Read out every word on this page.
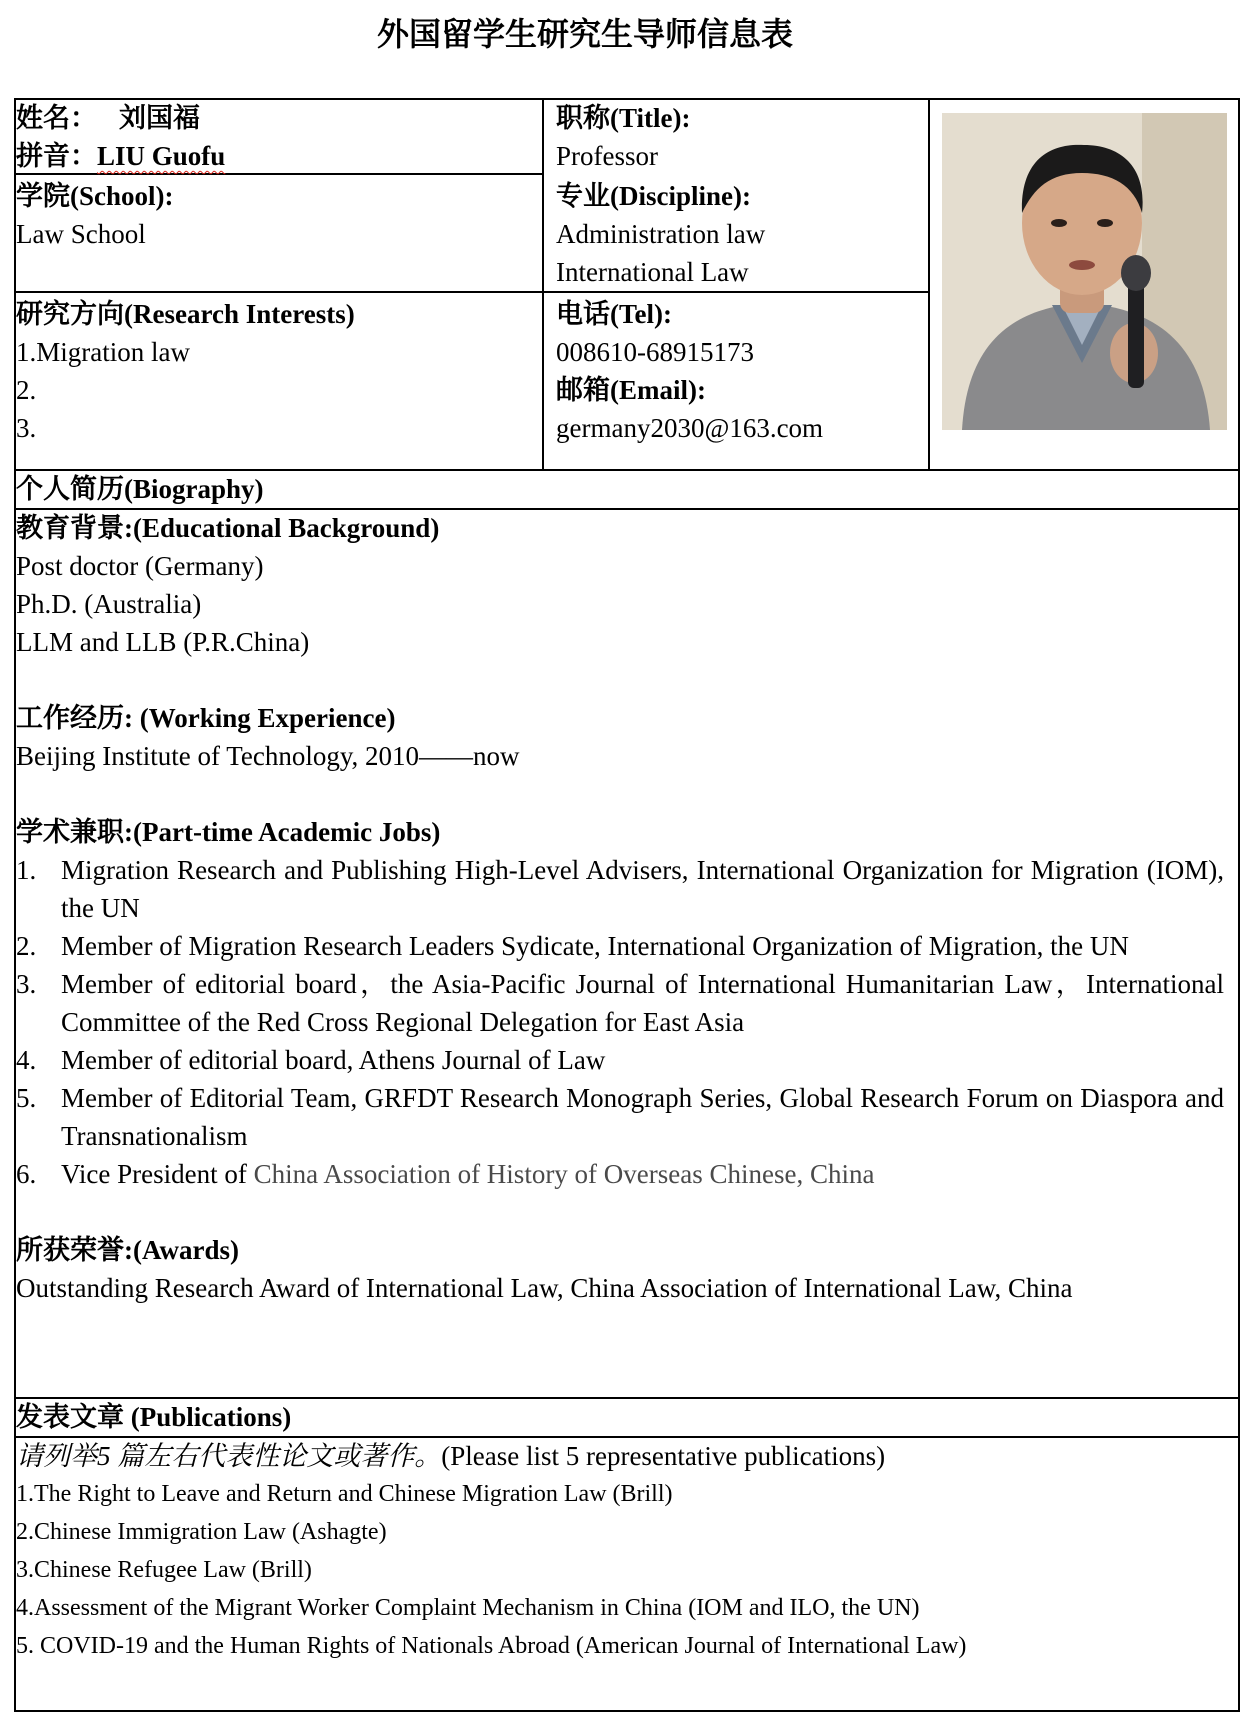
外国留学生研究生导师信息表
姓名： 刘国福
拼音：LIU Guofu
职称(Title):
Professor
学院(School):
Law School
专业(Discipline):
Administration law
International Law
研究方向(Research Interests)
1.Migration law
2.
3.
电话(Tel):
008610-68915173
邮箱(Email):
germany2030@163.com
个人简历(Biography)
教育背景:(Educational Background)
Post doctor (Germany)
Ph.D. (Australia)
LLM and LLB (P.R.China)
工作经历: (Working Experience)
Beijing Institute of Technology, 2010——now
学术兼职:(Part-time Academic Jobs)
1. Migration Research and Publishing High-Level Advisers, International Organization for Migration (IOM), the UN
2. Member of Migration Research Leaders Sydicate, International Organization of Migration, the UN
3. Member of editorial board，the Asia-Pacific Journal of International Humanitarian Law，International Committee of the Red Cross Regional Delegation for East Asia
4. Member of editorial board, Athens Journal of Law
5. Member of Editorial Team, GRFDT Research Monograph Series, Global Research Forum on Diaspora and Transnationalism
6. Vice President of China Association of History of Overseas Chinese, China
所获荣誉:(Awards)
Outstanding Research Award of International Law, China Association of International Law, China
发表文章 (Publications)
请列举5 篇左右代表性论文或著作。(Please list 5 representative publications)
1.The Right to Leave and Return and Chinese Migration Law (Brill)
2.Chinese Immigration Law (Ashagte)
3.Chinese Refugee Law (Brill)
4.Assessment of the Migrant Worker Complaint Mechanism in China (IOM and ILO, the UN)
5. COVID-19 and the Human Rights of Nationals Abroad (American Journal of International Law)
